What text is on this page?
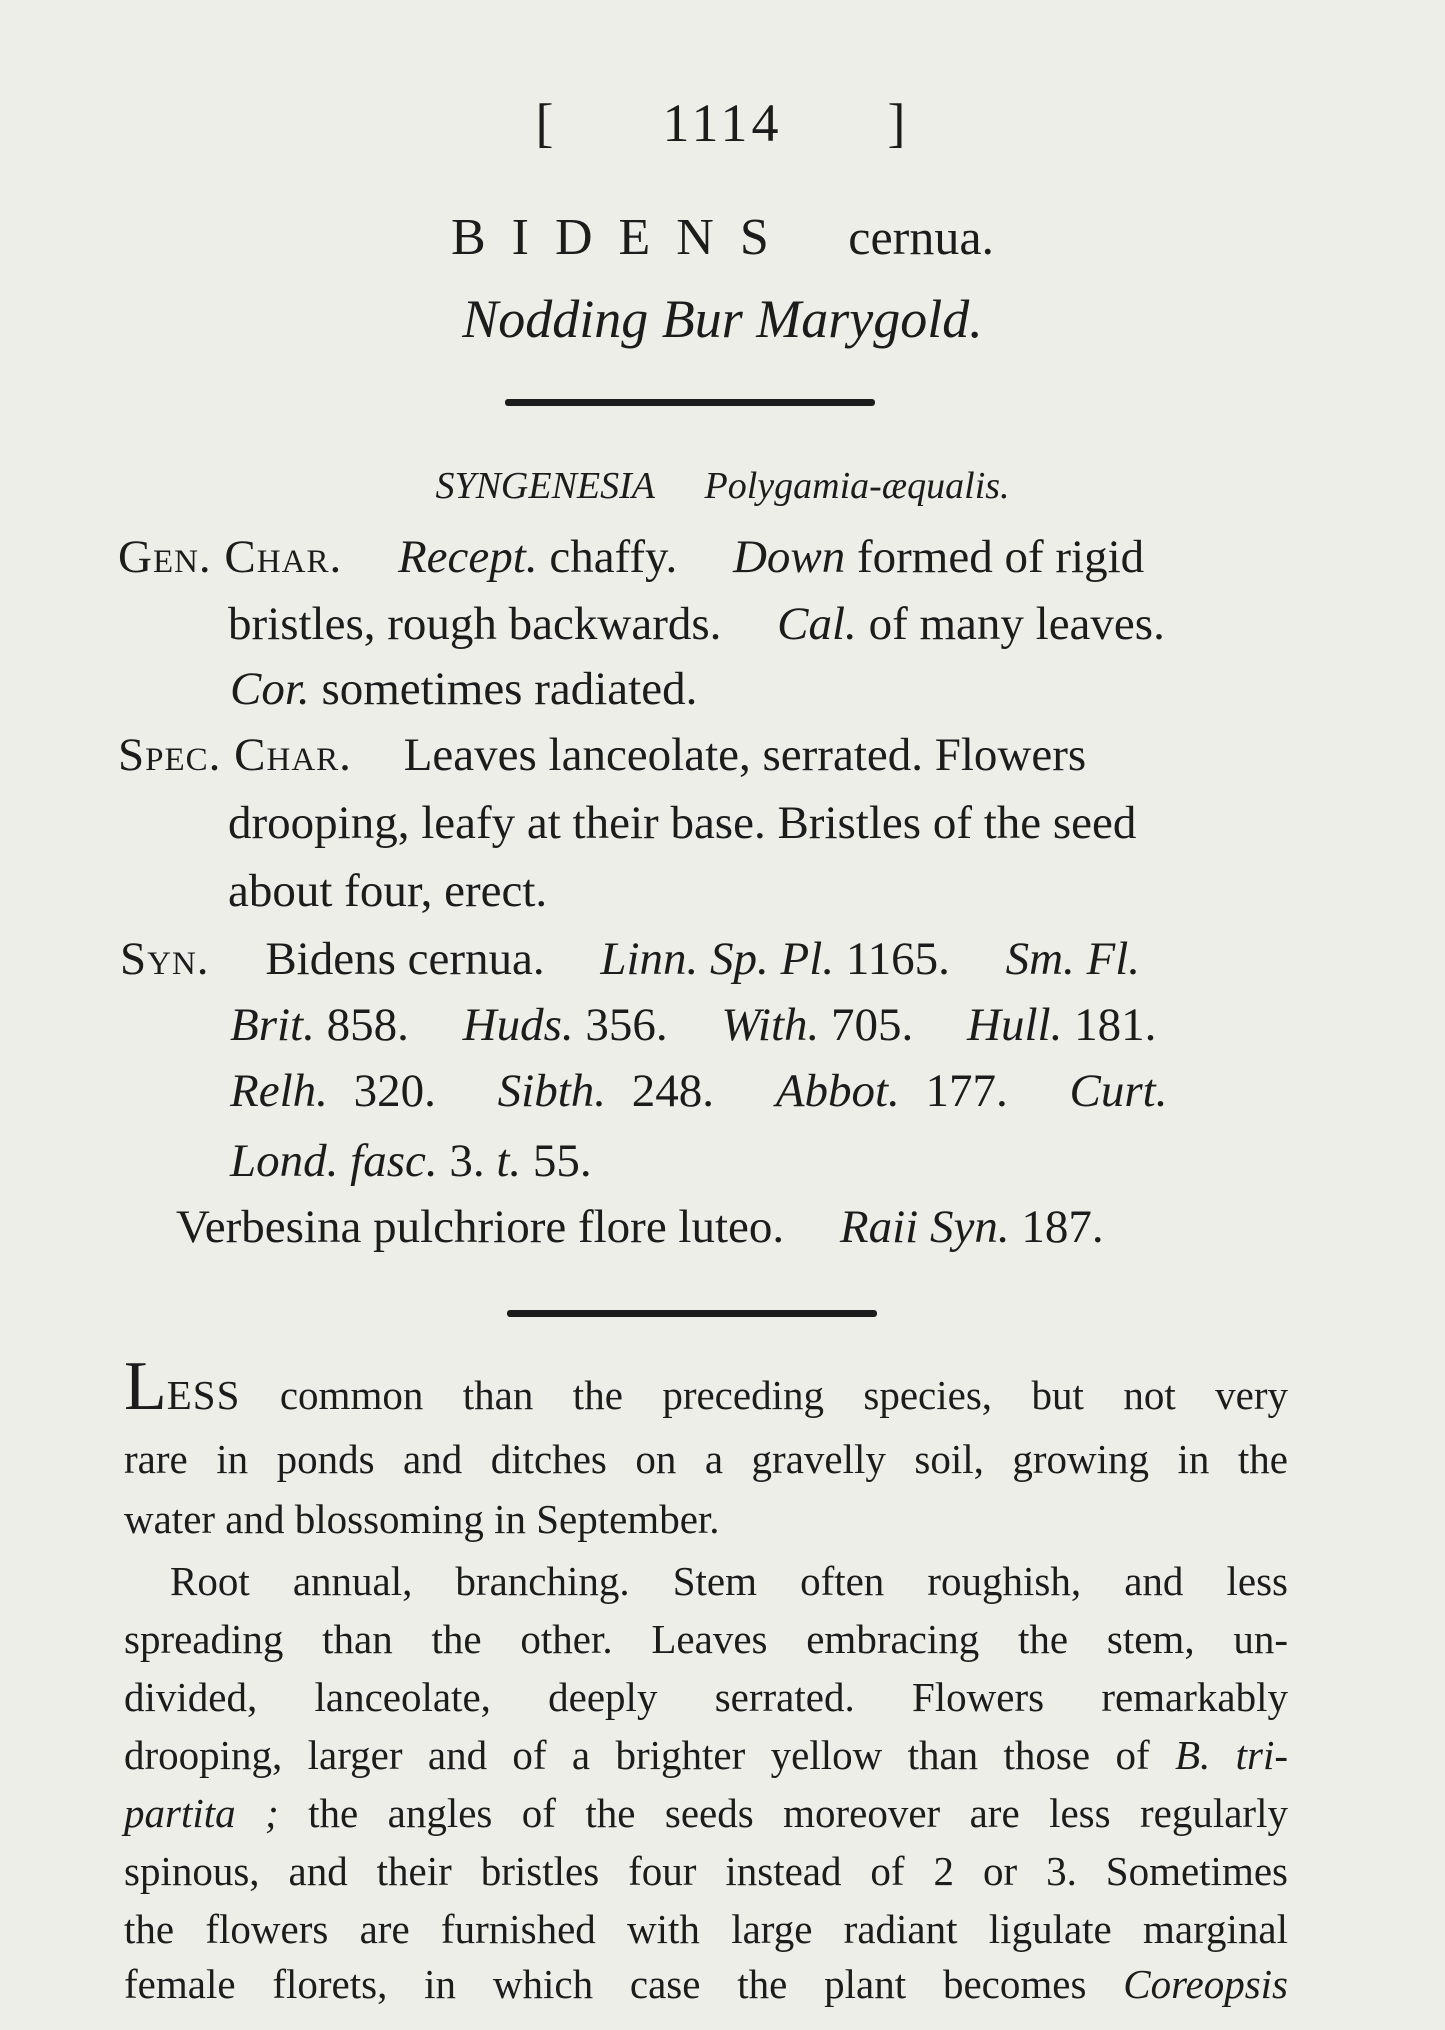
[ 1114 ]
BIDENS cernua.
Nodding Bur Marygold.
SYNGENESIA Polygamia-æqualis.
Gen. Char. Recept. chaffy. Down formed of rigid
bristles, rough backwards. Cal. of many leaves.
Cor. sometimes radiated.
Spec. Char. Leaves lanceolate, serrated. Flowers
drooping, leafy at their base. Bristles of the seed
about four, erect.
Syn. Bidens cernua. Linn. Sp. Pl. 1165. Sm. Fl.
Brit. 858. Huds. 356. With. 705. Hull. 181.
Relh. 320. Sibth. 248. Abbot. 177. Curt.
Lond. fasc. 3. t. 55.
Verbesina pulchriore flore luteo. Raii Syn. 187.
LESS common than the preceding species, but not very
rare in ponds and ditches on a gravelly soil, growing in the
water and blossoming in September.
Root annual, branching. Stem often roughish, and less
spreading than the other. Leaves embracing the stem, un-
divided, lanceolate, deeply serrated. Flowers remarkably
drooping, larger and of a brighter yellow than those of B. tri-
partita ; the angles of the seeds moreover are less regularly
spinous, and their bristles four instead of 2 or 3. Sometimes
the flowers are furnished with large radiant ligulate marginal
female florets, in which case the plant becomes Coreopsis
